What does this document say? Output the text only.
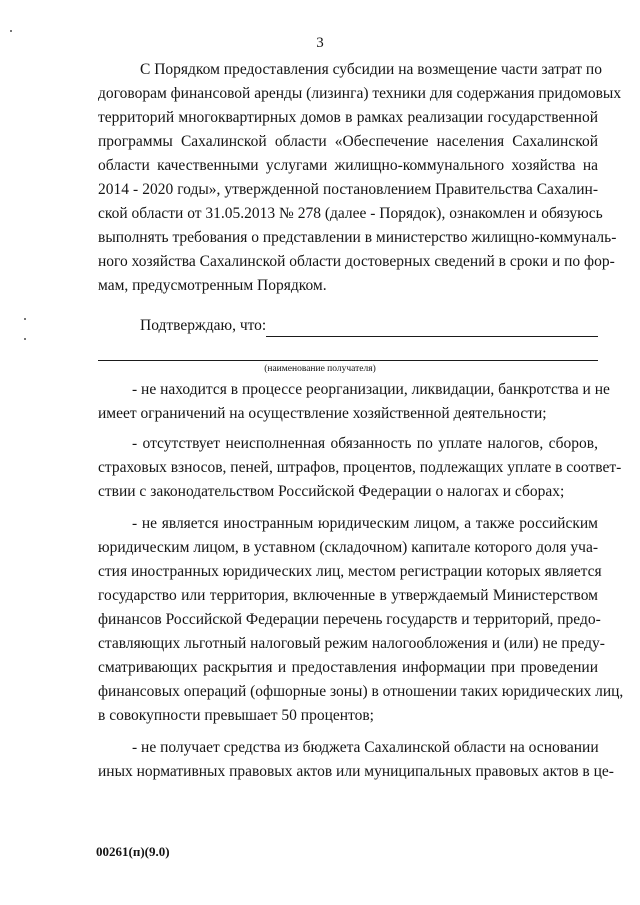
3
С Порядком предоставления субсидии на возмещение части затрат по
договорам финансовой аренды (лизинга) техники для содержания придомовых
территорий многоквартирных домов в рамках реализации государственной
программы Сахалинской области «Обеспечение населения Сахалинской
области качественными услугами жилищно-коммунального хозяйства на
2014 - 2020 годы», утвержденной постановлением Правительства Сахалин-
ской области от 31.05.2013 № 278 (далее - Порядок), ознакомлен и обязуюсь
выполнять требования о представлении в министерство жилищно-коммуналь-
ного хозяйства Сахалинской области достоверных сведений в сроки и по фор-
мам, предусмотренным Порядком.
Подтверждаю, что:
(наименование получателя)
- не находится в процессе реорганизации, ликвидации, банкротства и не
имеет ограничений на осуществление хозяйственной деятельности;
- отсутствует неисполненная обязанность по уплате налогов, сборов,
страховых взносов, пеней, штрафов, процентов, подлежащих уплате в соответ-
ствии с законодательством Российской Федерации о налогах и сборах;
- не является иностранным юридическим лицом, а также российским
юридическим лицом, в уставном (складочном) капитале которого доля уча-
стия иностранных юридических лиц, местом регистрации которых является
государство или территория, включенные в утверждаемый Министерством
финансов Российской Федерации перечень государств и территорий, предо-
ставляющих льготный налоговый режим налогообложения и (или) не преду-
сматривающих раскрытия и предоставления информации при проведении
финансовых операций (офшорные зоны) в отношении таких юридических лиц,
в совокупности превышает 50 процентов;
- не получает средства из бюджета Сахалинской области на основании
иных нормативных правовых актов или муниципальных правовых актов в це-
00261(п)(9.0)
